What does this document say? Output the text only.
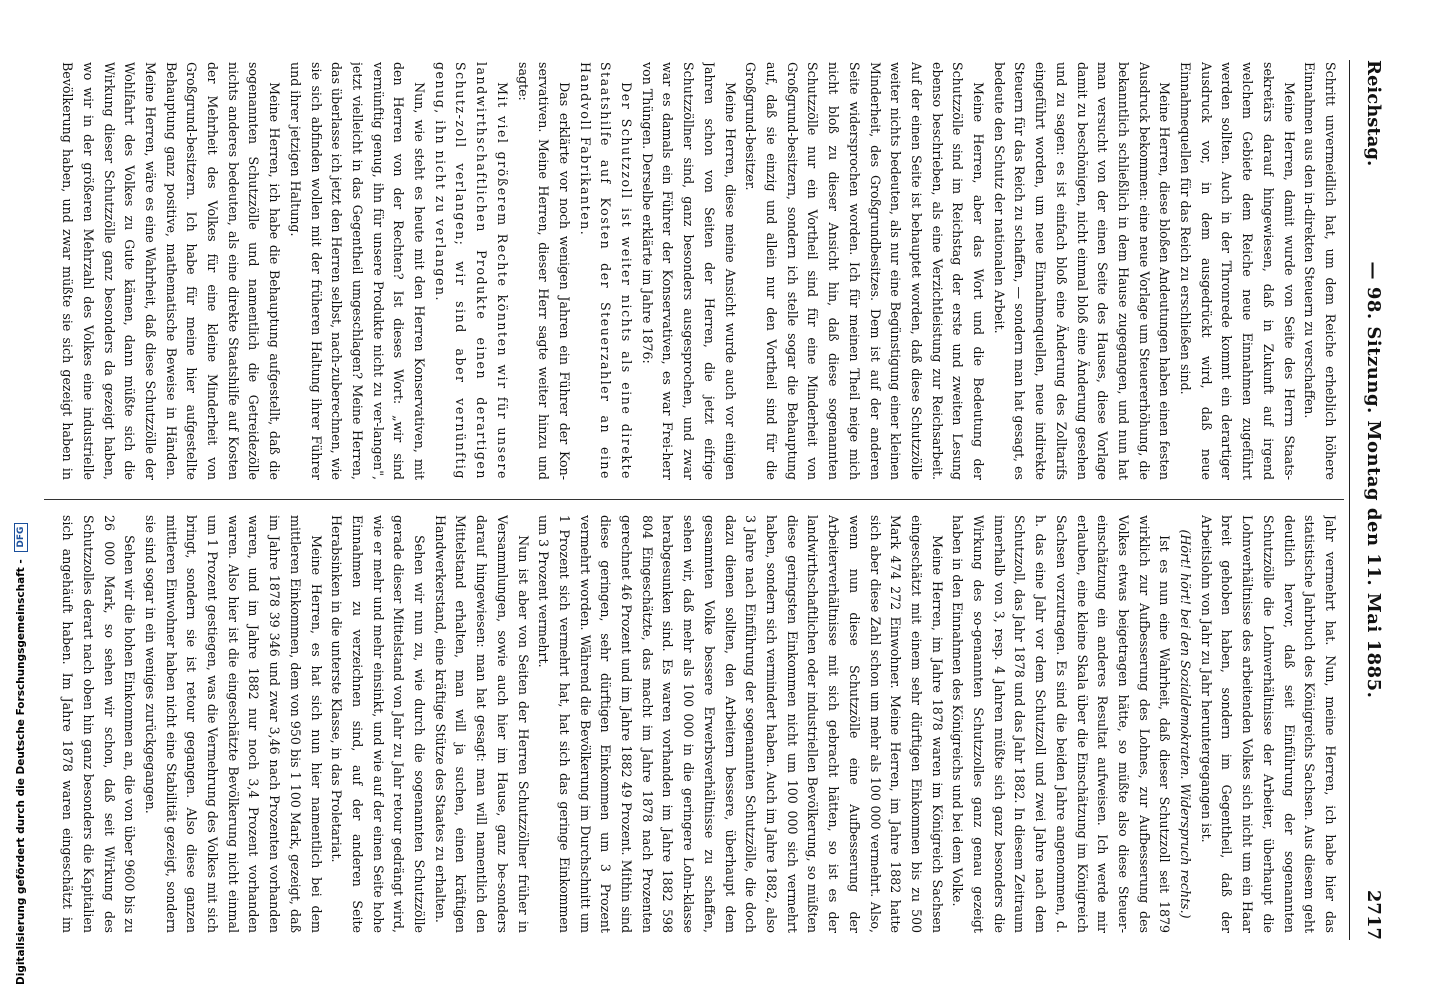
Reichstag.
— 98. Sitzung. Montag den 11. Mai 1885.
2717

Schritt unvermeidlich hat, um dem Reiche erheblich höhere Einnahmen aus den in-direkten Steuern zu verschaffen.

Meine Herren, damit wurde von Seite des Herrn Staats-sekretärs darauf hingewiesen, daß in Zukunft auf irgend welchem Gebiete dem Reiche neue Einnahmen zugeführt werden sollten. Auch in der Thronrede kommt ein derartiger Ausdruck vor, in dem ausgedrückt wird, daß neue Einnahmequellen für das Reich zu erschließen sind.

Meine Herren, diese bloßen Andeutungen haben einen festen Ausdruck bekommen: eine neue Vorlage um Steuererhöhung, die bekanntlich schließlich in dem Hause zugegangen, und nun hat man versucht von der einen Seite des Hauses, diese Vorlage damit zu beschönigen, nicht einmal bloß eine Änderung gesehen und zu sagen: es ist einfach bloß eine Änderung des Zolltarifs eingeführt worden, um neue Einnahmequellen, neue indirekte Steuern für das Reich zu schaffen, — sondern man hat gesagt, es bedeute den Schutz der nationalen Arbeit.

Meine Herren, aber das Wort und die Bedeutung der Schutzzölle sind im Reichstag der erste und zweiten Lesung ebenso beschrieben, als eine Verzichtleistung zur Reichsarbeit. Auf der einen Seite ist behauptet worden, daß diese Schutzzölle weiter nichts bedeuten, als nur eine Begünstigung einer kleinen Minderheit, des Großgrundbesitzes. Dem ist auf der anderen Seite widersprochen worden. Ich für meinen Theil neige mich nicht bloß zu dieser Ansicht hin, daß diese sogenannten Schutzzölle nur ein Vortheil sind für eine Minderheit von Großgrund-besitzern, sondern ich stelle sogar die Behauptung auf, daß sie einzig und allein nur den Vortheil sind für die Großgrund-besitzer.

Meine Herren, diese meine Ansicht wurde auch vor einigen Jahren schon von Seiten der Herren, die jetzt eifrige Schutzzöllner sind, ganz besonders ausgesprochen, und zwar war es damals ein Führer der Konservativen, es war Frei-herr von Thüngen. Derselbe erklärte im Jahre 1876:

Der Schutzzoll ist weiter nichts als eine direkte Staatshilfe auf Kosten der Steuerzahler an eine Handvoll Fabrikanten.

Das erklärte vor noch wenigen Jahren ein Führer der Kon-servativen. Meine Herren, dieser Herr sagte weiter hinzu und sagte:

Mit viel größerem Rechte könnten wir für unsere landwirthschaftlichen Produkte einen derartigen Schutz-zoll verlangen; wir sind aber vernünftig genug, ihn nicht zu verlangen.

Nun, wie steht es heute mit den Herren Konservativen, mit den Herren von der Rechten? Ist dieses Wort: „wir sind vernünftig genug, ihn für unsere Produkte nicht zu ver-langen", jetzt vielleicht in das Gegentheil umgeschlagen? Meine Herren, das überlasse ich jetzt den Herren selbst, nach-zuberechnen, wie sie sich abfinden wollen mit der früheren Haltung ihrer Führer und ihrer jetzigen Haltung.

Meine Herren, ich habe die Behauptung aufgestellt, daß die sogenannten Schutzzölle und namentlich die Getreidezölle nichts anderes bedeuten, als eine direkte Staatshilfe auf Kosten der Mehrheit des Volkes für eine kleine Minderheit von Großgrund-besitzern. Ich habe für meine hier aufgestellte Behauptung ganz positive, mathematische Beweise in Händen. Meine Herren, wäre es eine Wahrheit, daß diese Schutzzölle der Wohlfahrt des Volkes zu Gute kämen, dann müßte sich die Wirkung dieser Schutzzölle ganz besonders da gezeigt haben, wo wir in der größeren Mehrzahl des Volkes eine industrielle Bevölkerung haben, und zwar müßte sie sich gezeigt haben in

Jahr vermehrt hat. Nun, meine Herren, ich habe hier das statistische Jahrbuch des Königreichs Sachsen. Aus diesem geht deutlich hervor, daß seit Einführung der sogenannten Schutzzölle die Lohnverhältnisse der Arbeiter, überhaupt die Lohnverhältnisse des arbeitenden Volkes sich nicht um ein Haar breit gehoben haben, sondern im Gegentheil, daß der Arbeitslohn von Jahr zu Jahr heruntergegangen ist.

(Hört! hört! bei den Sozialdemokraten. Widerspruch rechts.)

Ist es nun eine Wahrheit, daß dieser Schutzzoll seit 1879 wirklich zur Aufbesserung des Lohnes, zur Aufbesserung des Volkes etwas beigetragen hätte, so müßte also diese Steuer-einschätzung ein anderes Resultat aufweisen. Ich werde mir erlauben, eine kleine Skala über die Einschätzung im Königreich Sachsen vorzutragen. Es sind die beiden Jahre angenommen, d. h. das eine Jahr vor dem Schutzzoll und zwei Jahre nach dem Schutzzoll, das Jahr 1878 und das Jahr 1882. In diesem Zeitraum innerhalb von 3, resp. 4 Jahren müßte sich ganz besonders die Wirkung des so-genannten Schutzzolles ganz genau gezeigt haben in den Einnahmen des Königreichs und bei dem Volke.

Meine Herren, im Jahre 1878 waren im Königreich Sachsen eingeschätzt mit einem sehr dürftigen Einkommen bis zu 500 Mark 474 272 Einwohner. Meine Herren, im Jahre 1882 hatte sich aber diese Zahl schon um mehr als 100 000 vermehrt. Also, wenn nun diese Schutzzölle eine Aufbesserung der Arbeiterverhältnisse mit sich gebracht hätten, so ist es der landwirthschaftlichen oder industriellen Bevölkerung, so müßten diese geringsten Einkommen nicht um 100 000 sich vermehrt haben, sondern sich vermindert haben. Auch im Jahre 1882, also 3 Jahre nach Einführung der sogenannten Schutzzölle, die doch dazu dienen sollten, den Arbeitern bessere, überhaupt dem gesammten Volke bessere Erwerbsverhältnisse zu schaffen, sehen wir, daß mehr als 100 000 in die geringere Lohn-klasse herabgesunken sind. Es waren vorhanden im Jahre 1882 598 804 Eingeschätzte, das macht im Jahre 1878 nach Prozenten gerechnet 46 Prozent und im Jahre 1882 49 Prozent. Mithin sind diese geringen, sehr dürftigen Einkommen um 3 Prozent vermehrt worden. Während die Bevölkerung im Durchschnitt um 1 Prozent sich vermehrt hat, hat sich das geringe Einkommen um 3 Prozent vermehrt.

Nun ist aber von Seiten der Herren Schutzzöllner früher in Versammlungen, sowie auch hier im Hause, ganz be-sonders darauf hingewiesen: man hat gesagt: man will namentlich den Mittelstand erhalten, man will ja suchen, einen kräftigen Handwerkerstand, eine kräftige Stütze des Staates zu erhalten.

Sehen wir nun zu, wie durch die sogenannten Schutzzölle gerade dieser Mittelstand von Jahr zu Jahr retour gedrängt wird, wie er mehr und mehr einsinkt, und wie auf der einen Seite hohe Einnahmen zu verzeichnen sind, auf der anderen Seite Herabsinken in die unterste Klasse, in das Proletariat.

Meine Herren, es hat sich nun hier namentlich bei dem mittleren Einkommen, dem von 950 bis 1 100 Mark, gezeigt, daß im Jahre 1878 39 346 und zwar 3,46 nach Prozenten vorhanden waren, und im Jahre 1882 nur noch 3,4 Prozent vorhanden waren. Also hier ist die eingeschätzte Bevölkerung nicht einmal um 1 Prozent gestiegen, was die Vermehrung des Volkes mit sich bringt, sondern sie ist retour gegangen. Also diese ganzen mittleren Einwohner haben nicht eine Stabilität gezeigt, sondern sie sind sogar in ein weniges zurückgegangen.

Sehen wir die hohen Einkommen an, die von über 9600 bis zu 26 000 Mark, so sehen wir schon, daß seit Wirkung des Schutzzolles derart nach oben hin ganz besonders die Kapitalien sich angehäuft haben. Im Jahre 1878 waren eingeschätzt im

Digitalisierung gefördert durch die Deutsche Forschungsgemeinschaft - DFG
